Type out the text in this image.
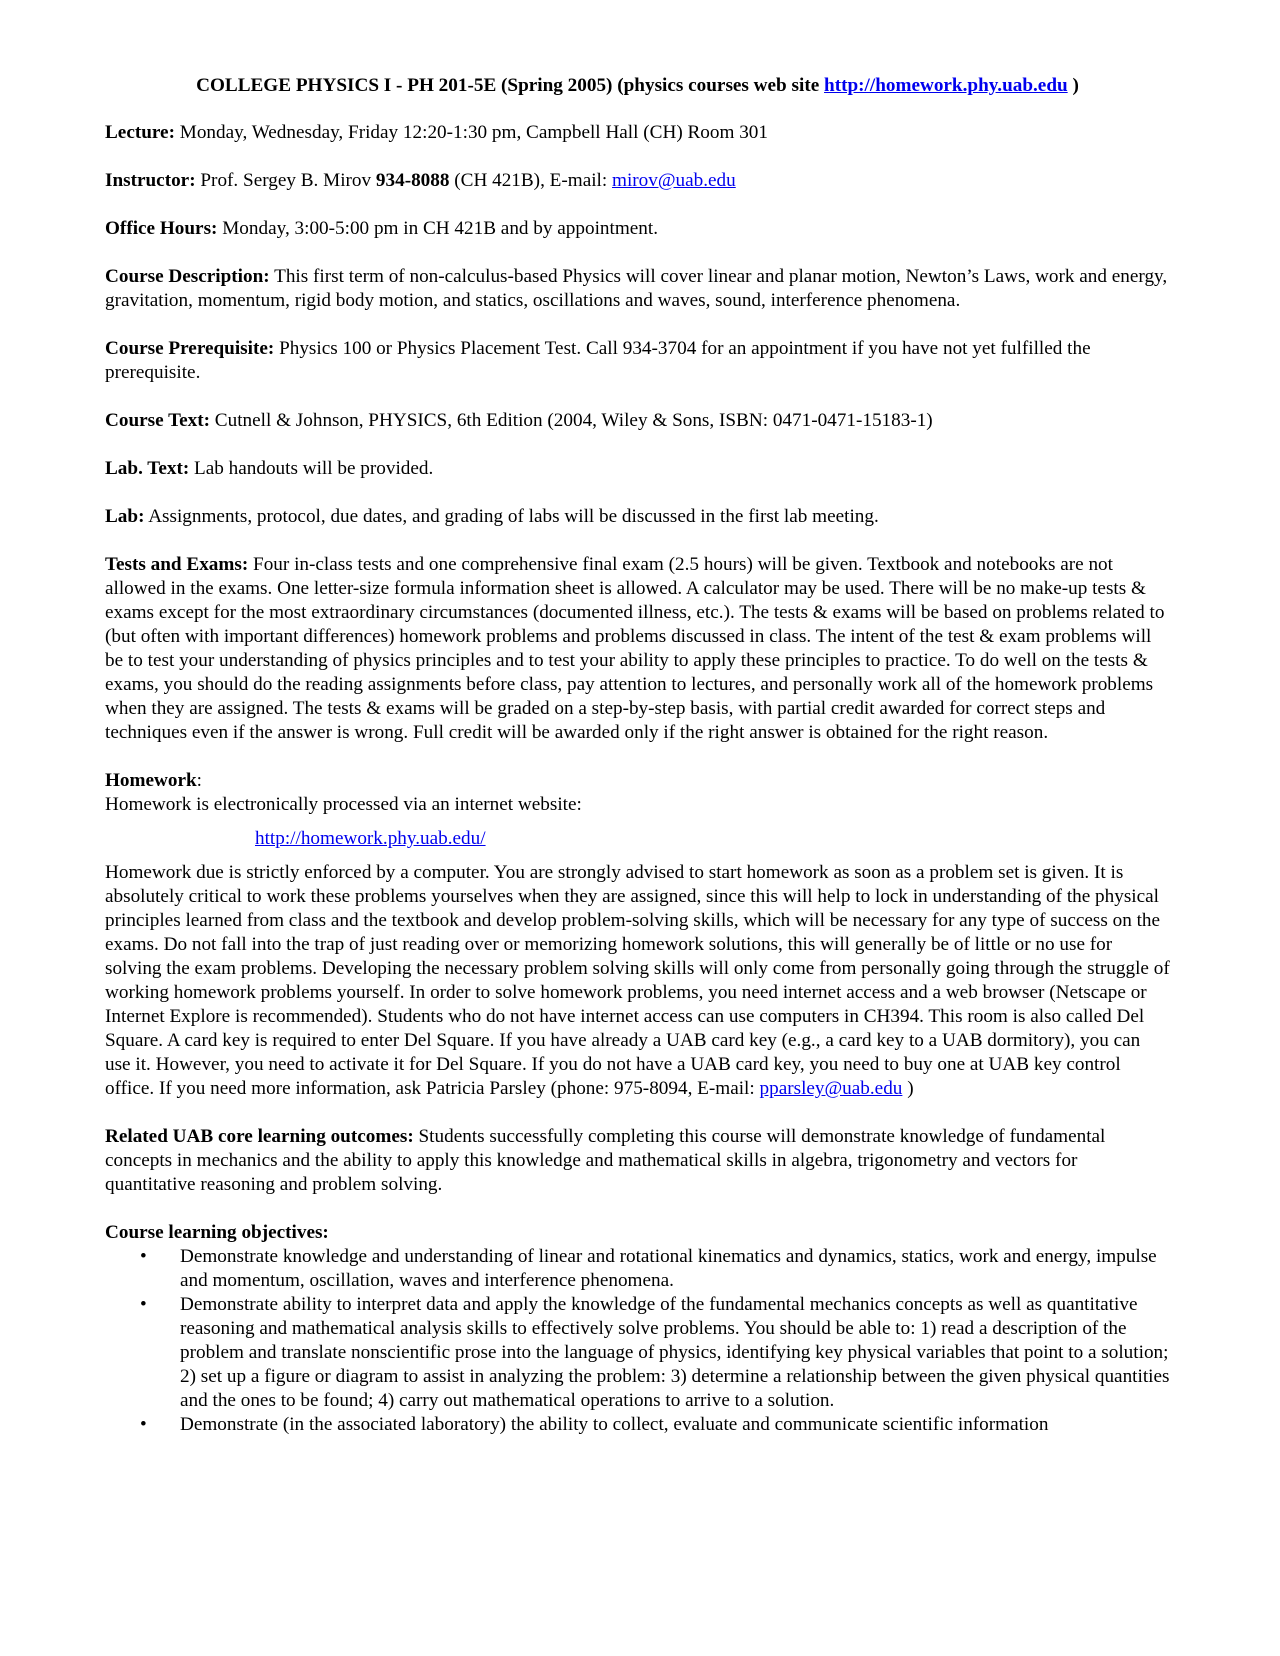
COLLEGE PHYSICS I - PH 201-5E (Spring 2005) (physics courses web site http://homework.phy.uab.edu )

Lecture: Monday, Wednesday, Friday 12:20-1:30 pm, Campbell Hall (CH) Room 301

Instructor: Prof. Sergey B. Mirov 934-8088 (CH 421B), E-mail: mirov@uab.edu

Office Hours: Monday, 3:00-5:00 pm in CH 421B and by appointment.

Course Description: This first term of non-calculus-based Physics will cover linear and planar motion, Newton’s Laws, work and energy, gravitation, momentum, rigid body motion, and statics, oscillations and waves, sound, interference phenomena.

Course Prerequisite: Physics 100 or Physics Placement Test. Call 934-3704 for an appointment if you have not yet fulfilled the prerequisite.

Course Text: Cutnell & Johnson, PHYSICS, 6th Edition (2004, Wiley & Sons, ISBN: 0471-0471-15183-1)

Lab. Text: Lab handouts will be provided.

Lab: Assignments, protocol, due dates, and grading of labs will be discussed in the first lab meeting.

Tests and Exams: Four in-class tests and one comprehensive final exam (2.5 hours) will be given. Textbook and notebooks are not allowed in the exams. One letter-size formula information sheet is allowed. A calculator may be used. There will be no make-up tests & exams except for the most extraordinary circumstances (documented illness, etc.). The tests & exams will be based on problems related to (but often with important differences) homework problems and problems discussed in class. The intent of the test & exam problems will be to test your understanding of physics principles and to test your ability to apply these principles to practice. To do well on the tests & exams, you should do the reading assignments before class, pay attention to lectures, and personally work all of the homework problems when they are assigned. The tests & exams will be graded on a step-by-step basis, with partial credit awarded for correct steps and techniques even if the answer is wrong. Full credit will be awarded only if the right answer is obtained for the right reason.

Homework:
Homework is electronically processed via an internet website:
http://homework.phy.uab.edu/

Homework due is strictly enforced by a computer. You are strongly advised to start homework as soon as a problem set is given. It is absolutely critical to work these problems yourselves when they are assigned, since this will help to lock in understanding of the physical principles learned from class and the textbook and develop problem-solving skills, which will be necessary for any type of success on the exams. Do not fall into the trap of just reading over or memorizing homework solutions, this will generally be of little or no use for solving the exam problems. Developing the necessary problem solving skills will only come from personally going through the struggle of working homework problems yourself. In order to solve homework problems, you need internet access and a web browser (Netscape or Internet Explore is recommended). Students who do not have internet access can use computers in CH394. This room is also called Del Square. A card key is required to enter Del Square. If you have already a UAB card key (e.g., a card key to a UAB dormitory), you can use it. However, you need to activate it for Del Square. If you do not have a UAB card key, you need to buy one at UAB key control office. If you need more information, ask Patricia Parsley (phone: 975-8094, E-mail: pparsley@uab.edu )

Related UAB core learning outcomes: Students successfully completing this course will demonstrate knowledge of fundamental concepts in mechanics and the ability to apply this knowledge and mathematical skills in algebra, trigonometry and vectors for quantitative reasoning and problem solving.

Course learning objectives:
• Demonstrate knowledge and understanding of linear and rotational kinematics and dynamics, statics, work and energy, impulse and momentum, oscillation, waves and interference phenomena.
• Demonstrate ability to interpret data and apply the knowledge of the fundamental mechanics concepts as well as quantitative reasoning and mathematical analysis skills to effectively solve problems. You should be able to: 1) read a description of the problem and translate nonscientific prose into the language of physics, identifying key physical variables that point to a solution; 2) set up a figure or diagram to assist in analyzing the problem: 3) determine a relationship between the given physical quantities and the ones to be found; 4) carry out mathematical operations to arrive to a solution.
• Demonstrate (in the associated laboratory) the ability to collect, evaluate and communicate scientific information
